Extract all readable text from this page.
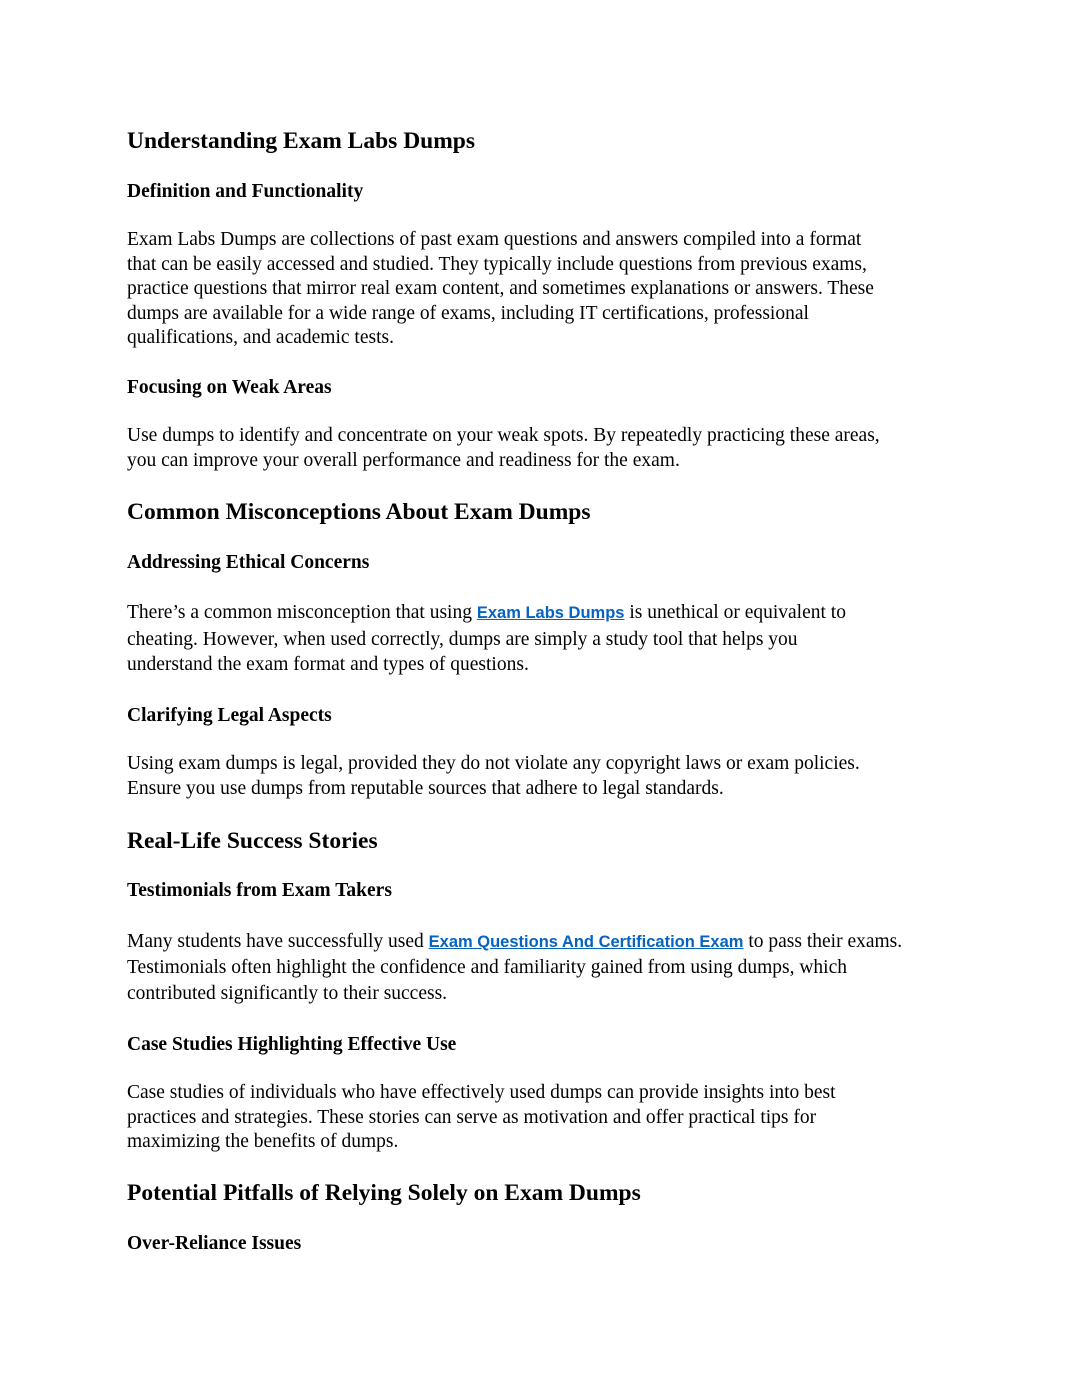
Understanding Exam Labs Dumps
Definition and Functionality

Exam Labs Dumps are collections of past exam questions and answers compiled into a format
that can be easily accessed and studied. They typically include questions from previous exams,
practice questions that mirror real exam content, and sometimes explanations or answers. These
dumps are available for a wide range of exams, including IT certifications, professional
qualifications, and academic tests.

Focusing on Weak Areas

Use dumps to identify and concentrate on your weak spots. By repeatedly practicing these areas,
you can improve your overall performance and readiness for the exam.

Common Misconceptions About Exam Dumps
Addressing Ethical Concerns

There’s a common misconception that using Exam Labs Dumps is unethical or equivalent to
cheating. However, when used correctly, dumps are simply a study tool that helps you
understand the exam format and types of questions.

Clarifying Legal Aspects

Using exam dumps is legal, provided they do not violate any copyright laws or exam policies.
Ensure you use dumps from reputable sources that adhere to legal standards.

Real-Life Success Stories
Testimonials from Exam Takers

Many students have successfully used Exam Questions And Certification Exam to pass their exams.
Testimonials often highlight the confidence and familiarity gained from using dumps, which
contributed significantly to their success.

Case Studies Highlighting Effective Use

Case studies of individuals who have effectively used dumps can provide insights into best
practices and strategies. These stories can serve as motivation and offer practical tips for
maximizing the benefits of dumps.

Potential Pitfalls of Relying Solely on Exam Dumps
Over-Reliance Issues
